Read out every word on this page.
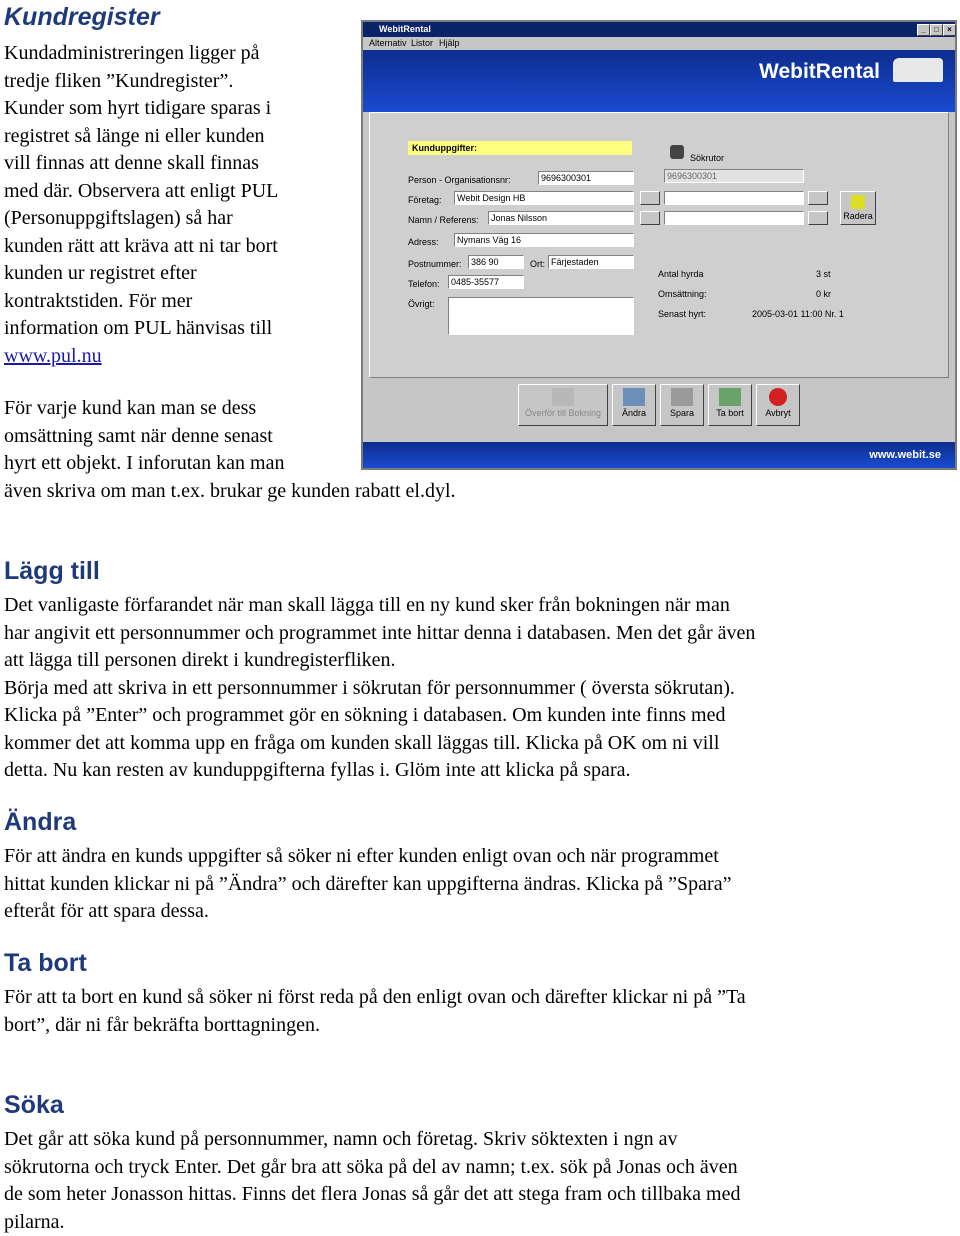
Kundregister
Kundadministreringen ligger på
tredje fliken ”Kundregister”.
Kunder som hyrt tidigare sparas i
registret så länge ni eller kunden
vill finnas att denne skall finnas
med där. Observera att enligt PUL
(Personuppgiftslagen) så har
kunden rätt att kräva att ni tar bort
kunden ur registret efter
kontraktstiden. För mer
information om PUL hänvisas till
www.pul.nu
För varje kund kan man se dess
omsättning samt när denne senast
hyrt ett objekt. I inforutan kan man
även skriva om man t.ex. brukar ge kunden rabatt el.dyl.
WebitRental	_	□	×
Alternativ Listor Hjälp
WebitRental
Kunduppgifter:
Person - Organisationsnr:	9696300301
Företag:	Webit Design HB
Namn / Referens:	Jonas Nilsson
Adress:	Nymans Väg 16
Postnummer:	386 90	Ort: Färjestaden
Telefon:	0485-35577
Övrigt:
Sökrutor
9696300301
Radera
Antal hyrda	3 st
Omsättning:	0 kr
Senast hyrt:	2005-03-01 11:00 Nr. 1
Överför till Bokning	Ändra	Spara	Ta bort	Avbryt
www.webit.se
Lägg till
Det vanligaste förfarandet när man skall lägga till en ny kund sker från bokningen när man
har angivit ett personnummer och programmet inte hittar denna i databasen. Men det går även
att lägga till personen direkt i kundregisterfliken.
Börja med att skriva in ett personnummer i sökrutan för personnummer ( översta sökrutan).
Klicka på ”Enter” och programmet gör en sökning i databasen. Om kunden inte finns med
kommer det att komma upp en fråga om kunden skall läggas till. Klicka på OK om ni vill
detta. Nu kan resten av kunduppgifterna fyllas i. Glöm inte att klicka på spara.
Ändra
För att ändra en kunds uppgifter så söker ni efter kunden enligt ovan och när programmet
hittat kunden klickar ni på ”Ändra” och därefter kan uppgifterna ändras. Klicka på ”Spara”
efteråt för att spara dessa.
Ta bort
För att ta bort en kund så söker ni först reda på den enligt ovan och därefter klickar ni på ”Ta
bort”, där ni får bekräfta borttagningen.
Söka
Det går att söka kund på personnummer, namn och företag. Skriv söktexten i ngn av
sökrutorna och tryck Enter. Det går bra att söka på del av namn; t.ex. sök på Jonas och även
de som heter Jonasson hittas. Finns det flera Jonas så går det att stega fram och tillbaka med
pilarna.
